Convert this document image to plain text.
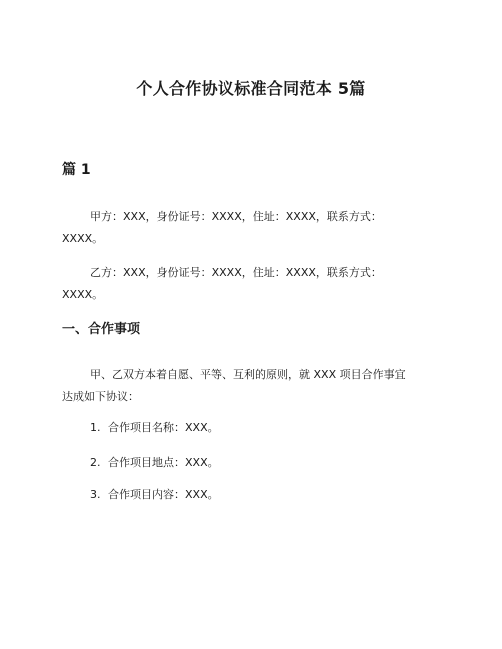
个人合作协议标准合同范本 5篇
篇 1

甲方：XXX，身份证号：XXXX，住址：XXXX，联系方式：XXXX。

乙方：XXX，身份证号：XXXX，住址：XXXX，联系方式：XXXX。

一、合作事项

甲、乙双方本着自愿、平等、互利的原则，就 XXX 项目合作事宜达成如下协议：

1. 合作项目名称：XXX。
2. 合作项目地点：XXX。
3. 合作项目内容：XXX。
